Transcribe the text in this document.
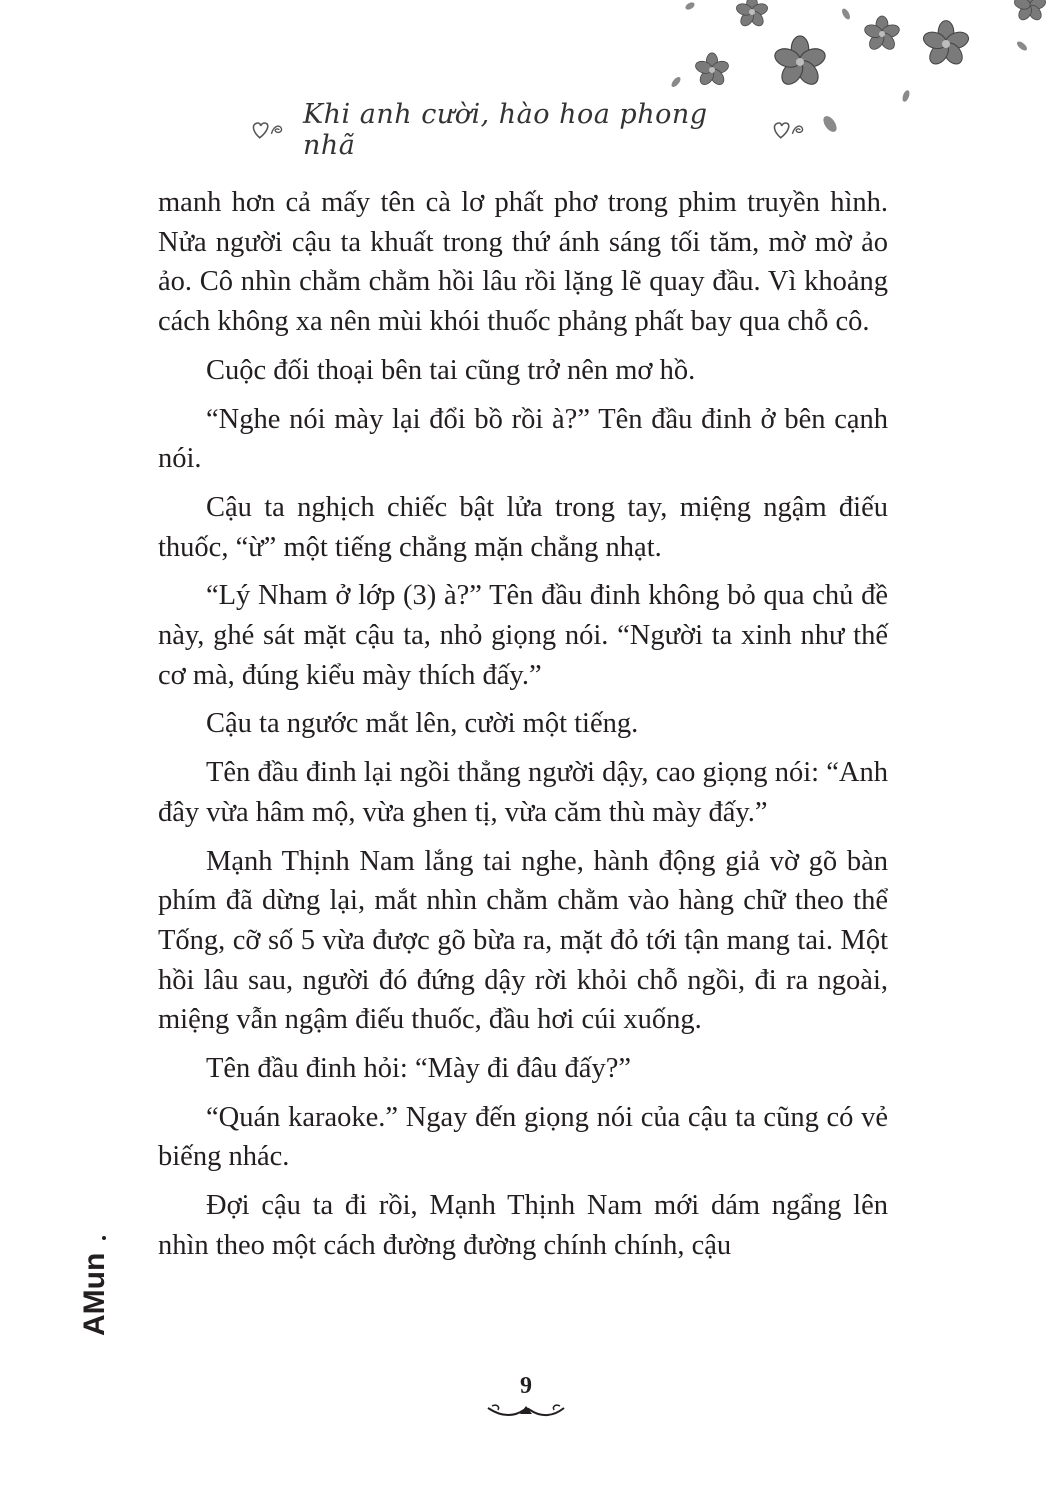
Khi anh cười, hào hoa phong nhã

manh hơn cả mấy tên cà lơ phất phơ trong phim truyền hình. Nửa người cậu ta khuất trong thứ ánh sáng tối tăm, mờ mờ ảo ảo. Cô nhìn chằm chằm hồi lâu rồi lặng lẽ quay đầu. Vì khoảng cách không xa nên mùi khói thuốc phảng phất bay qua chỗ cô.

Cuộc đối thoại bên tai cũng trở nên mơ hồ.

“Nghe nói mày lại đổi bồ rồi à?” Tên đầu đinh ở bên cạnh nói.

Cậu ta nghịch chiếc bật lửa trong tay, miệng ngậm điếu thuốc, “ừ” một tiếng chẳng mặn chẳng nhạt.

“Lý Nham ở lớp (3) à?” Tên đầu đinh không bỏ qua chủ đề này, ghé sát mặt cậu ta, nhỏ giọng nói. “Người ta xinh như thế cơ mà, đúng kiểu mày thích đấy.”

Cậu ta ngước mắt lên, cười một tiếng.

Tên đầu đinh lại ngồi thẳng người dậy, cao giọng nói: “Anh đây vừa hâm mộ, vừa ghen tị, vừa căm thù mày đấy.”

Mạnh Thịnh Nam lắng tai nghe, hành động giả vờ gõ bàn phím đã dừng lại, mắt nhìn chằm chằm vào hàng chữ theo thể Tống, cỡ số 5 vừa được gõ bừa ra, mặt đỏ tới tận mang tai. Một hồi lâu sau, người đó đứng dậy rời khỏi chỗ ngồi, đi ra ngoài, miệng vẫn ngậm điếu thuốc, đầu hơi cúi xuống.

Tên đầu đinh hỏi: “Mày đi đâu đấy?”

“Quán karaoke.” Ngay đến giọng nói của cậu ta cũng có vẻ biếng nhác.

Đợi cậu ta đi rồi, Mạnh Thịnh Nam mới dám ngẩng lên nhìn theo một cách đường đường chính chính, cậu

AMun
9
